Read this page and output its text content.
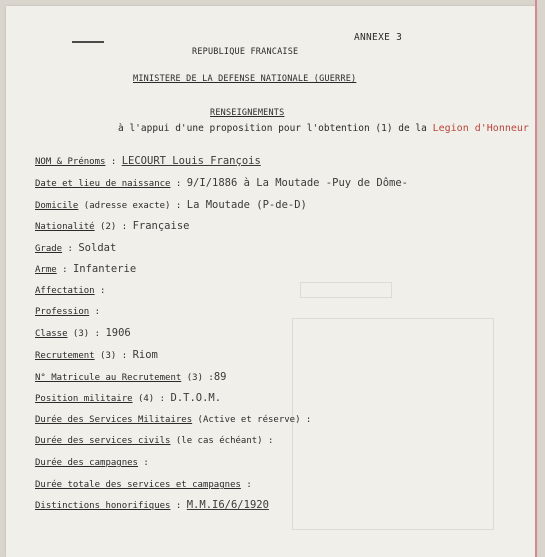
ANNEXE 3
REPUBLIQUE FRANCAISE
MINISTERE DE LA DEFENSE NATIONALE (GUERRE)
RENSEIGNEMENTS
à l'appui d'une proposition pour l'obtention (1) de la Legion d'Honneur
NOM & Prénoms : LECOURT Louis François
Date et lieu de naissance : 9/I/1886 à La Moutade -Puy de Dôme-
Domicile (adresse exacte) : La Moutade (P-de-D)
Nationalité (2) : Française
Grade : Soldat
Arme : Infanterie
Affectation :
Profession :
Classe (3) : 1906
Recrutement (3) : Riom
N° Matricule au Recrutement (3) :89
Position militaire (4) : D.T.O.M.
Durée des Services Militaires (Active et réserve) :
Durée des services civils (le cas échéant) :
Durée des campagnes :
Durée totale des services et campagnes :
Distinctions honorifiques : M.M.I6/6/1920
